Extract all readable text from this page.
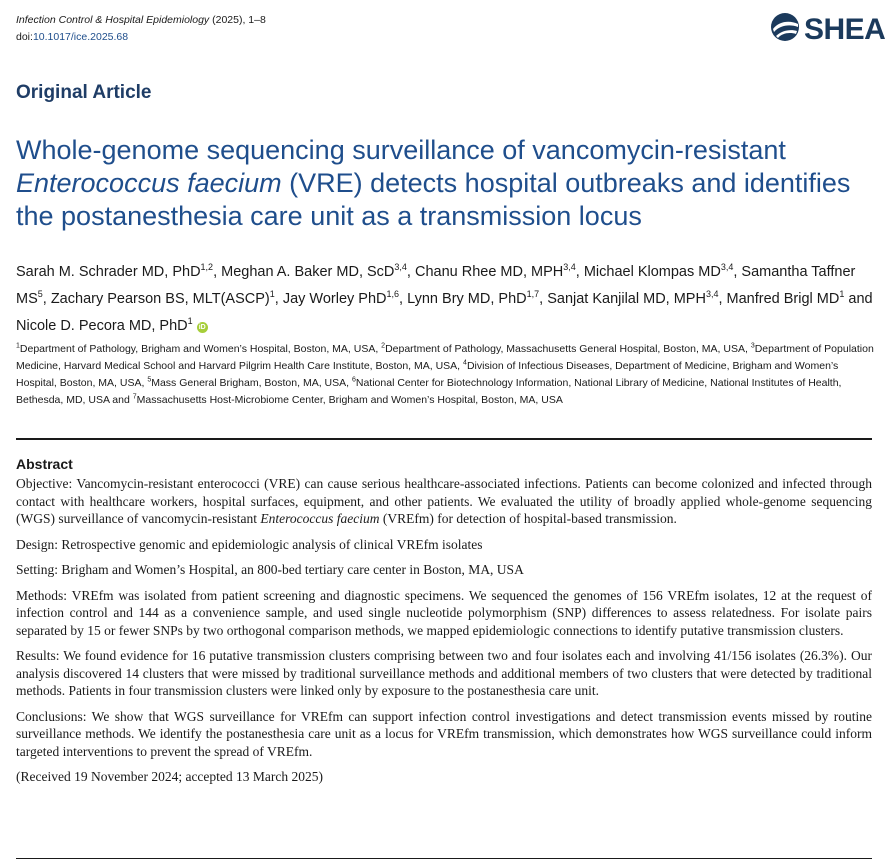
Infection Control & Hospital Epidemiology (2025), 1–8
doi:10.1017/ice.2025.68	SHEA
Original Article
Whole-genome sequencing surveillance of vancomycin-resistant
Enterococcus faecium (VRE) detects hospital outbreaks and identifies
the postanesthesia care unit as a transmission locus
Sarah M. Schrader MD, PhD$^{1,2}$, Meghan A. Baker MD, ScD$^{3,4}$, Chanu Rhee MD, MPH$^{3,4}$, Michael Klompas MD$^{3,4}$, Samantha Taffner $MS^5$, Zachary Pearson BS, MLT(ASCP)$^1$, Jay Worley PhD$^{1,6}$, Lynn Bry MD, PhD$^{1,7}$, Sanjat Kanjilal MD, MPH$^{3,4}$, Manfred Brigl $MD^1$ and Nicole D. Pecora MD, PhD$^1$ iD
$^1$Department of Pathology, Brigham and Women’s Hospital, Boston, MA, USA, $^2$Department of Pathology, Massachusetts General Hospital, Boston, MA, USA, $^3$Department of Population Medicine, Harvard Medical School and Harvard Pilgrim Health Care Institute, Boston, MA, USA, $^4$Division of Infectious Diseases, Department of Medicine, Brigham and Women’s Hospital, Boston, MA, USA, $^5$Mass General Brigham, Boston, MA, USA, $^6$National Center for Biotechnology Information, National Library of Medicine, National Institutes of Health, Bethesda, MD, USA and $^7$Massachusetts Host-Microbiome Center, Brigham and Women’s Hospital, Boston, MA, USA
Abstract

Objective: Vancomycin-resistant enterococci (VRE) can cause serious healthcare-associated infections. Patients can become colonized and infected through contact with healthcare workers, hospital surfaces, equipment, and other patients. We evaluated the utility of broadly applied whole-genome sequencing (WGS) surveillance of vancomycin-resistant Enterococcus faecium (VREfm) for detection of hospital-based transmission.

Design: Retrospective genomic and epidemiologic analysis of clinical VREfm isolates

Setting: Brigham and Women’s Hospital, an 800-bed tertiary care center in Boston, MA, USA

Methods: VREfm was isolated from patient screening and diagnostic specimens. We sequenced the genomes of 156 VREfm isolates, 12 at the request of infection control and 144 as a convenience sample, and used single nucleotide polymorphism (SNP) differences to assess relatedness. For isolate pairs separated by 15 or fewer SNPs by two orthogonal comparison methods, we mapped epidemiologic connections to identify putative transmission clusters.

Results: We found evidence for 16 putative transmission clusters comprising between two and four isolates each and involving 41/156 isolates (26.3%). Our analysis discovered 14 clusters that were missed by traditional surveillance methods and additional members of two clusters that were detected by traditional methods. Patients in four transmission clusters were linked only by exposure to the postanesthesia care unit.

Conclusions: We show that WGS surveillance for VREfm can support infection control investigations and detect transmission events missed by routine surveillance methods. We identify the postanesthesia care unit as a locus for VREfm transmission, which demonstrates how WGS surveillance could inform targeted interventions to prevent the spread of VREfm.

(Received 19 November 2024; accepted 13 March 2025)
